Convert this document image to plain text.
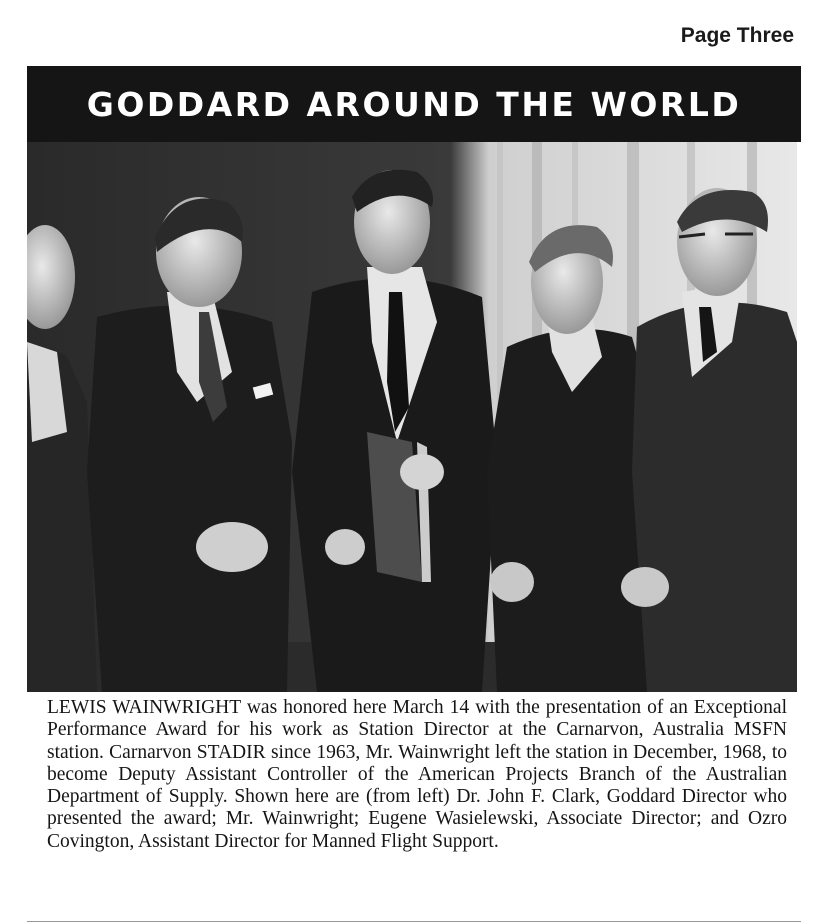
Page Three
GODDARD AROUND THE WORLD
LEWIS WAINWRIGHT was honored here March 14 with the presentation of an Exceptional Performance Award for his work as Station Director at the Carnarvon, Australia MSFN station. Carnarvon STADIR since 1963, Mr. Wainwright left the station in December, 1968, to become Deputy Assistant Controller of the American Projects Branch of the Australian Department of Supply. Shown here are (from left) Dr. John F. Clark, Goddard Director who presented the award; Mr. Wainwright; Eugene Wasielewski, Associate Director; and Ozro Covington, Assistant Director for Manned Flight Support.
